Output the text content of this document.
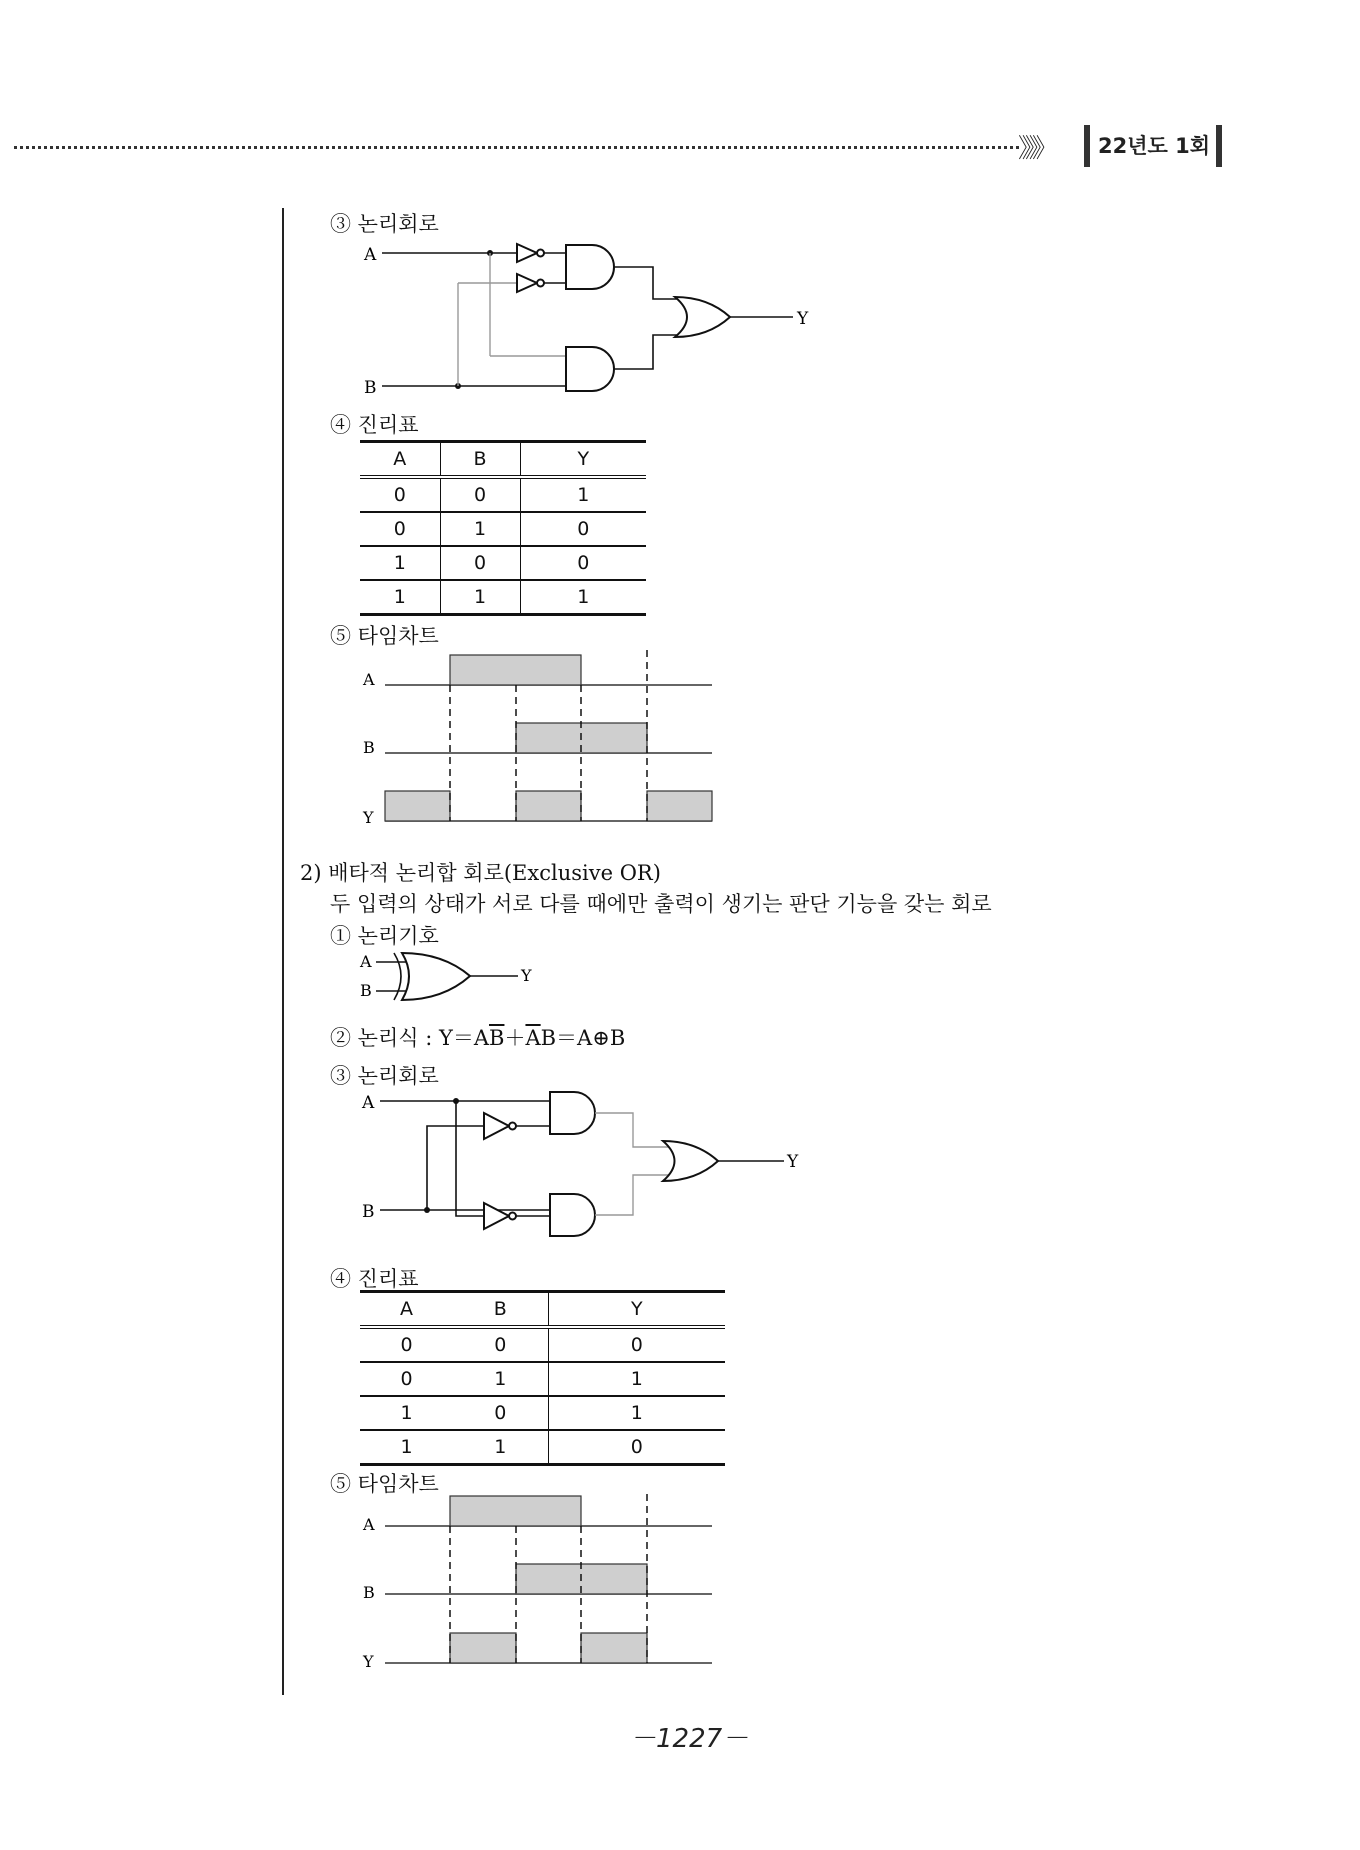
》》》 22년도 1회
③ 논리회로
A
B
Y
④ 진리표
A	B	Y
0	0	1
0	1	0
1	0	0
1	1	1
⑤ 타임차트
A
B
Y
2) 배타적 논리합 회로(Exclusive OR)
두 입력의 상태가 서로 다를 때에만 출력이 생기는 판단 기능을 갖는 회로
① 논리기호
A
B
Y
② 논리식 : $Y=A\overline{B}+\overline{A}B=A\oplus B$
③ 논리회로
A
B
Y
④ 진리표
A	B	Y
0	0	0
0	1	1
1	0	1
1	1	0
⑤ 타임차트
A
B
Y
－1227－
